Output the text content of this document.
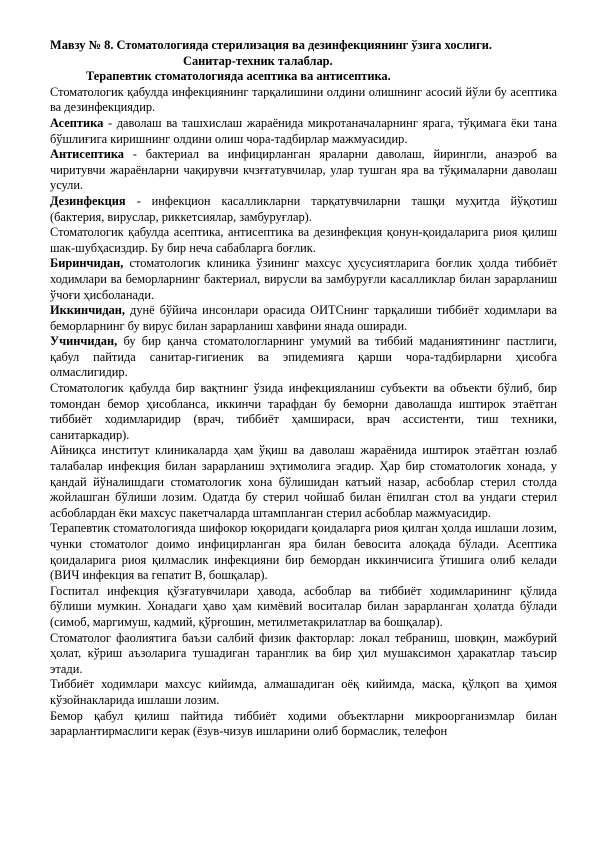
Мавзу № 8. Стоматологияда стерилизация ва дезинфекциянинг ўзига хослиги.

Санитар-техник талаблар.

Терапевтик стоматологияда асептика ва антисептика.

Стоматологик қабулда инфекциянинг тарқалишини олдини олишнинг асосий йўли бу асептика ва дезинфекциядир.

Асептика - даволаш ва ташхислаш жараёнида микротаначаларнинг ярага, тўқимага ёки тана бўшлиғига киришнинг олдини олиш чора-тадбирлар мажмуасидир.

Антисептика - бактериал ва инфицирланган яраларни даволаш, йирингли, анаэроб ва чиритувчи жараёнларни чақирувчи кчзғғатувчилар, улар тушган яра ва тўқималарни даволаш усули.

Дезинфекция - инфекцион касалликларни тарқатувчиларни ташқи муҳитда йўқотиш (бактерия, вируслар, риккетсиялар, замбуруғлар).

Стоматологик қабулда асептика, антисептика ва дезинфекция қонун-қоидаларига риоя қилиш шак-шубҳасиздир. Бу бир неча сабабларга боғлик.

Биринчидан, стоматологик клиника ўзининг махсус ҳусусиятларига боғлик ҳолда тиббиёт ходимлари ва беморларнинг бактериал, вирусли ва замбуруғли касалликлар билан зарарланиш ўчоғи ҳисболанади.

Иккинчидан, дунё бўйича инсонлари орасида ОИТСнинг тарқалиши тиббиёт ходимлари ва беморларнинг бу вирус билан зарарланиш хавфини янада оширади.

Учинчидан, бу бир қанча стоматологларнинг умумий ва тиббий маданиятининг пастлиги, қабул пайтида санитар-гигиеник ва эпидемияга қарши чора-тадбирларни ҳисобга олмаслигидир.

Стоматологик қабулда бир вақтнинг ўзида инфекцияланиш субъекти ва объекти бўлиб, бир томондан бемор ҳисобланса, иккинчи тарафдан бу беморни даволашда иштирок этаётган тиббиёт ходимларидир (врач, тиббиёт ҳамшираси, врач ассистенти, тиш техники, санитаркадир).

Айниқса институт клиникаларда ҳам ўқиш ва даволаш жараёнида иштирок этаётган юзлаб талабалар инфекция билан зарарланиш эҳтимолига эгадир. Ҳар бир стоматологик хонада, у қандай йўналишдаги стоматологик хона бўлишидан катъий назар, асбоблар стерил столда жойлашган бўлиши лозим. Одатда бу стерил чойшаб билан ёпилган стол ва ундаги стерил асбоблардан ёки махсус пакетчаларда штампланган стерил асбоблар мажмуасидир.

Терапевтик стоматологияда шифокор юқоридаги қоидаларга риоя қилган ҳолда ишлаши лозим, чунки стоматолог доимо инфицирланган яра билан бевосита алоқада бўлади. Асептика қоидаларига риоя қилмаслик инфекцияни бир бемордан иккинчисига ўтишига олиб келади (ВИЧ инфекция ва гепатит В, бошқалар).

Госпитал инфекция қўзғатувчилари ҳавода, асбоблар ва тиббиёт ходимларининг қўлида бўлиши мумкин. Хонадаги ҳаво ҳам кимёвий воситалар билан зарарланган ҳолатда бўлади (симоб, маргимуш, кадмий, қўрғошин, метилметакрилатлар ва бошқалар).

Стоматолог фаолиятига баъзи салбий физик факторлар: локал тебраниш, шовқин, мажбурий ҳолат, кўриш аъзоларига тушадиган таранглик ва бир ҳил мушаксимон ҳаракатлар таъсир этади.

Тиббиёт ходимлари махсус кийимда, алмашадиган оёқ кийимда, маска, қўлқоп ва ҳимоя кўзойнакларида ишлаши лозим.

Бемор қабул қилиш пайтида тиббиёт ходими объектларни микроорганизмлар билан зарарлантирмаслиги керак (ёзув-чизув ишларини олиб бормаслик, телефон
